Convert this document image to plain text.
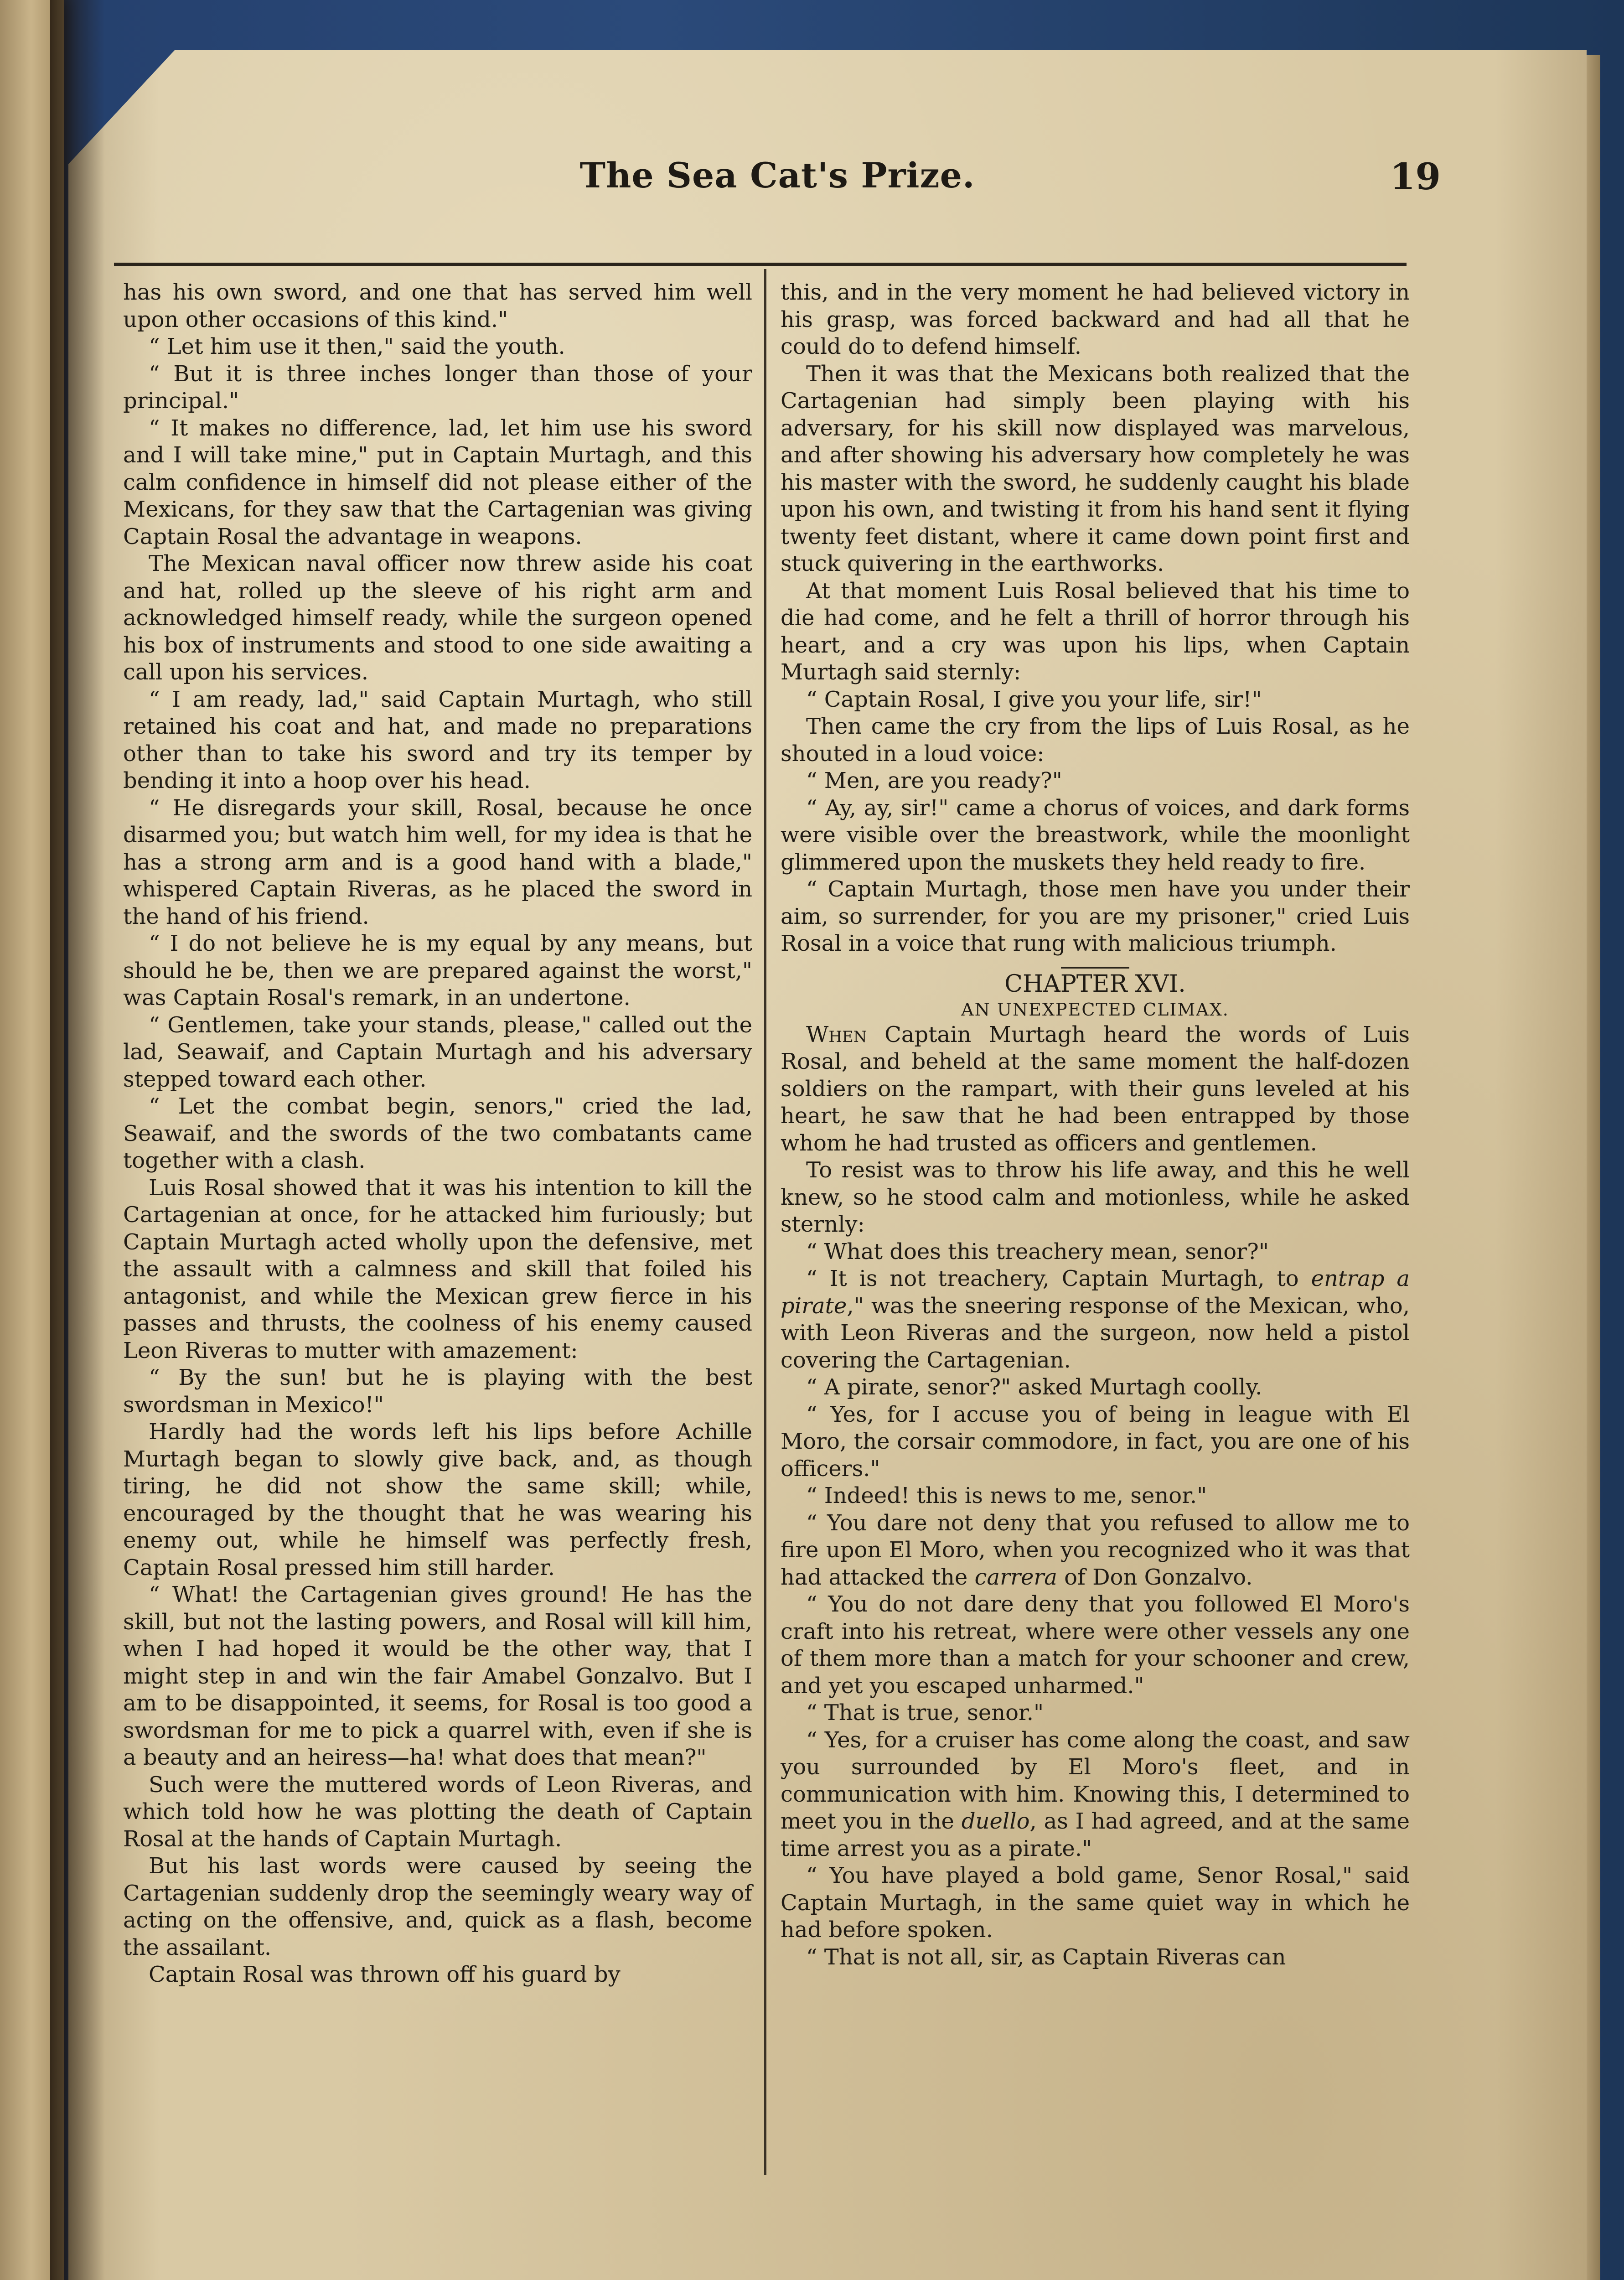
The Sea Cat's Prize.	19

has his own sword, and one that has served him well upon other occasions of this kind."

“ Let him use it then," said the youth.

“ But it is three inches longer than those of your principal."

“ It makes no difference, lad, let him use his sword and I will take mine," put in Captain Murtagh, and this calm confidence in himself did not please either of the Mexicans, for they saw that the Cartagenian was giving Captain Rosal the advantage in weapons.

The Mexican naval officer now threw aside his coat and hat, rolled up the sleeve of his right arm and acknowledged himself ready, while the surgeon opened his box of instruments and stood to one side awaiting a call upon his services.

“ I am ready, lad," said Captain Murtagh, who still retained his coat and hat, and made no preparations other than to take his sword and try its temper by bending it into a hoop over his head.

“ He disregards your skill, Rosal, because he once disarmed you; but watch him well, for my idea is that he has a strong arm and is a good hand with a blade," whispered Captain Riveras, as he placed the sword in the hand of his friend.

“ I do not believe he is my equal by any means, but should he be, then we are prepared against the worst," was Captain Rosal's remark, in an undertone.

“ Gentlemen, take your stands, please," called out the lad, Seawaif, and Captain Murtagh and his adversary stepped toward each other.

“ Let the combat begin, senors," cried the lad, Seawaif, and the swords of the two combatants came together with a clash.

Luis Rosal showed that it was his intention to kill the Cartagenian at once, for he attacked him furiously; but Captain Murtagh acted wholly upon the defensive, met the assault with a calmness and skill that foiled his antagonist, and while the Mexican grew fierce in his passes and thrusts, the coolness of his enemy caused Leon Riveras to mutter with amazement:

“ By the sun! but he is playing with the best swordsman in Mexico!"

Hardly had the words left his lips before Achille Murtagh began to slowly give back, and, as though tiring, he did not show the same skill; while, encouraged by the thought that he was wearing his enemy out, while he himself was perfectly fresh, Captain Rosal pressed him still harder.

“ What! the Cartagenian gives ground! He has the skill, but not the lasting powers, and Rosal will kill him, when I had hoped it would be the other way, that I might step in and win the fair Amabel Gonzalvo. But I am to be disappointed, it seems, for Rosal is too good a swordsman for me to pick a quarrel with, even if she is a beauty and an heiress—ha! what does that mean?"

Such were the muttered words of Leon Riveras, and which told how he was plotting the death of Captain Rosal at the hands of Captain Murtagh.

But his last words were caused by seeing the Cartagenian suddenly drop the seemingly weary way of acting on the offensive, and, quick as a flash, become the assailant.

Captain Rosal was thrown off his guard by

this, and in the very moment he had believed victory in his grasp, was forced backward and had all that he could do to defend himself.

Then it was that the Mexicans both realized that the Cartagenian had simply been playing with his adversary, for his skill now displayed was marvelous, and after showing his adversary how completely he was his master with the sword, he suddenly caught his blade upon his own, and twisting it from his hand sent it flying twenty feet distant, where it came down point first and stuck quivering in the earthworks.

At that moment Luis Rosal believed that his time to die had come, and he felt a thrill of horror through his heart, and a cry was upon his lips, when Captain Murtagh said sternly:

“ Captain Rosal, I give you your life, sir!"

Then came the cry from the lips of Luis Rosal, as he shouted in a loud voice:

“ Men, are you ready?"

“ Ay, ay, sir!" came a chorus of voices, and dark forms were visible over the breastwork, while the moonlight glimmered upon the muskets they held ready to fire.

“ Captain Murtagh, those men have you under their aim, so surrender, for you are my prisoner," cried Luis Rosal in a voice that rung with malicious triumph.

CHAPTER XVI.

AN UNEXPECTED CLIMAX.

When Captain Murtagh heard the words of Luis Rosal, and beheld at the same moment the half-dozen soldiers on the rampart, with their guns leveled at his heart, he saw that he had been entrapped by those whom he had trusted as officers and gentlemen.

To resist was to throw his life away, and this he well knew, so he stood calm and motionless, while he asked sternly:

“ What does this treachery mean, senor?"

“ It is not treachery, Captain Murtagh, to entrap a pirate," was the sneering response of the Mexican, who, with Leon Riveras and the surgeon, now held a pistol covering the Cartagenian.

“ A pirate, senor?" asked Murtagh coolly.

“ Yes, for I accuse you of being in league with El Moro, the corsair commodore, in fact, you are one of his officers."

“ Indeed! this is news to me, senor."

“ You dare not deny that you refused to allow me to fire upon El Moro, when you recognized who it was that had attacked the carrera of Don Gonzalvo.

“ You do not dare deny that you followed El Moro's craft into his retreat, where were other vessels any one of them more than a match for your schooner and crew, and yet you escaped unharmed."

“ That is true, senor."

“ Yes, for a cruiser has come along the coast, and saw you surrounded by El Moro's fleet, and in communication with him. Knowing this, I determined to meet you in the duello, as I had agreed, and at the same time arrest you as a pirate."

“ You have played a bold game, Senor Rosal," said Captain Murtagh, in the same quiet way in which he had before spoken.

“ That is not all, sir, as Captain Riveras can
